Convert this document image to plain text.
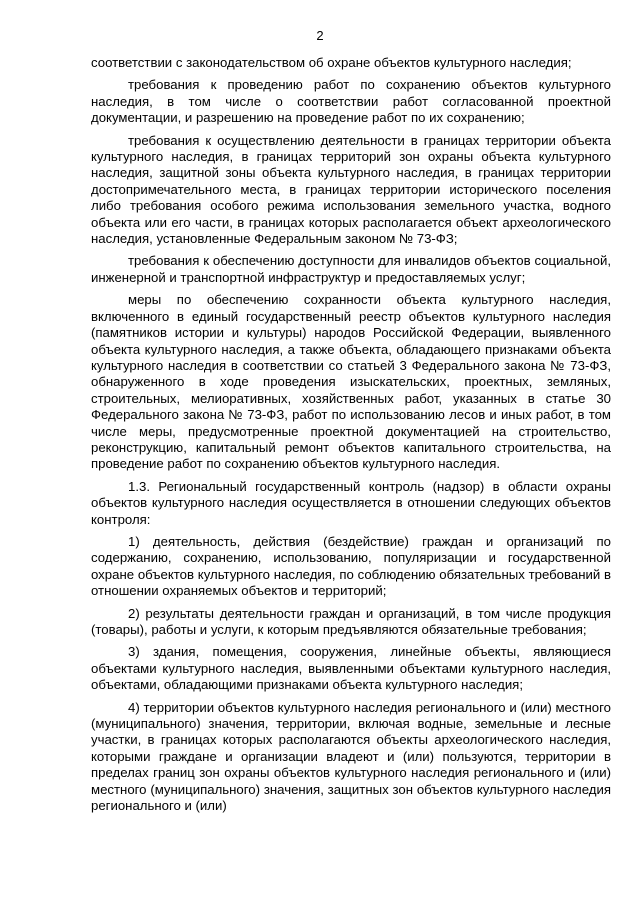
2

соответствии с законодательством об охране объектов культурного наследия;

требования к проведению работ по сохранению объектов культурного наследия, в том числе о соответствии работ согласованной проектной документации, и разрешению на проведение работ по их сохранению;

требования к осуществлению деятельности в границах территории объекта культурного наследия, в границах территорий зон охраны объекта культурного наследия, защитной зоны объекта культурного наследия, в границах территории достопримечательного места, в границах территории исторического поселения либо требования особого режима использования земельного участка, водного объекта или его части, в границах которых располагается объект археологического наследия, установленные Федеральным законом № 73-ФЗ;

требования к обеспечению доступности для инвалидов объектов социальной, инженерной и транспортной инфраструктур и предоставляемых услуг;

меры по обеспечению сохранности объекта культурного наследия, включенного в единый государственный реестр объектов культурного наследия (памятников истории и культуры) народов Российской Федерации, выявленного объекта культурного наследия, а также объекта, обладающего признаками объекта культурного наследия в соответствии со статьей 3 Федерального закона № 73-ФЗ, обнаруженного в ходе проведения изыскательских, проектных, земляных, строительных, мелиоративных, хозяйственных работ, указанных в статье 30 Федерального закона № 73-ФЗ, работ по использованию лесов и иных работ, в том числе меры, предусмотренные проектной документацией на строительство, реконструкцию, капитальный ремонт объектов капитального строительства, на проведение работ по сохранению объектов культурного наследия.

1.3. Региональный государственный контроль (надзор) в области охраны объектов культурного наследия осуществляется в отношении следующих объектов контроля:

1) деятельность, действия (бездействие) граждан и организаций по содержанию, сохранению, использованию, популяризации и государственной охране объектов культурного наследия, по соблюдению обязательных требований в отношении охраняемых объектов и территорий;

2) результаты деятельности граждан и организаций, в том числе продукция (товары), работы и услуги, к которым предъявляются обязательные требования;

3) здания, помещения, сооружения, линейные объекты, являющиеся объектами культурного наследия, выявленными объектами культурного наследия, объектами, обладающими признаками объекта культурного наследия;

4) территории объектов культурного наследия регионального и (или) местного (муниципального) значения, территории, включая водные, земельные и лесные участки, в границах которых располагаются объекты археологического наследия, которыми граждане и организации владеют и (или) пользуются, территории в пределах границ зон охраны объектов культурного наследия регионального и (или) местного (муниципального) значения, защитных зон объектов культурного наследия регионального и (или)
